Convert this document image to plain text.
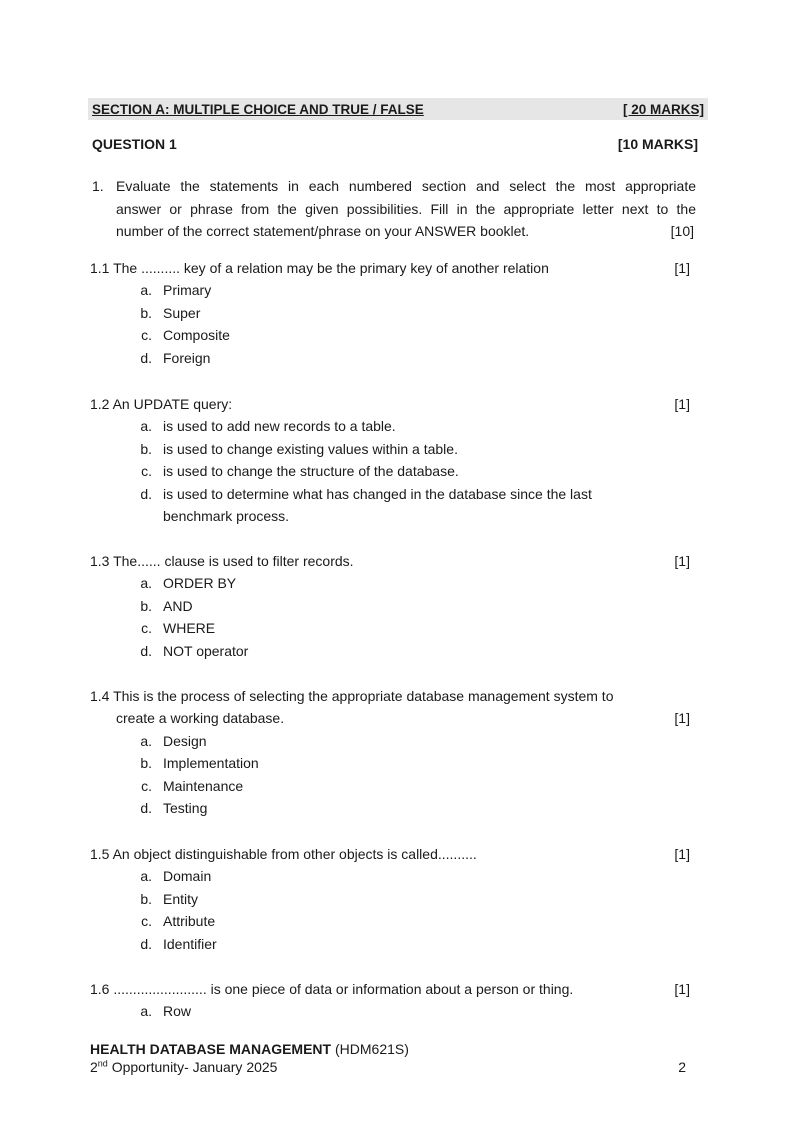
SECTION A: MULTIPLE CHOICE AND TRUE / FALSE	[ 20 MARKS]
QUESTION 1	[10 MARKS]
1. Evaluate the statements in each numbered section and select the most appropriate
answer or phrase from the given possibilities. Fill in the appropriate letter next to the
number of the correct statement/phrase on your ANSWER booklet.	[10]
1.1 The .......... key of a relation may be the primary key of another relation	[1]
a. Primary
b. Super
c. Composite
d. Foreign
1.2 An UPDATE query:	[1]
a. is used to add new records to a table.
b. is used to change existing values within a table.
c. is used to change the structure of the database.
d. is used to determine what has changed in the database since the last
benchmark process.
1.3 The...... clause is used to filter records.	[1]
a. ORDER BY
b. AND
c. WHERE
d. NOT operator
1.4 This is the process of selecting the appropriate database management system to
create a working database.	[1]
a. Design
b. Implementation
c. Maintenance
d. Testing
1.5 An object distinguishable from other objects is called..........	[1]
a. Domain
b. Entity
c. Attribute
d. Identifier
1.6 ........................ is one piece of data or information about a person or thing.	[1]
a. Row
HEALTH DATABASE MANAGEMENT (HDM621S)
2nd Opportunity- January 2025	2
